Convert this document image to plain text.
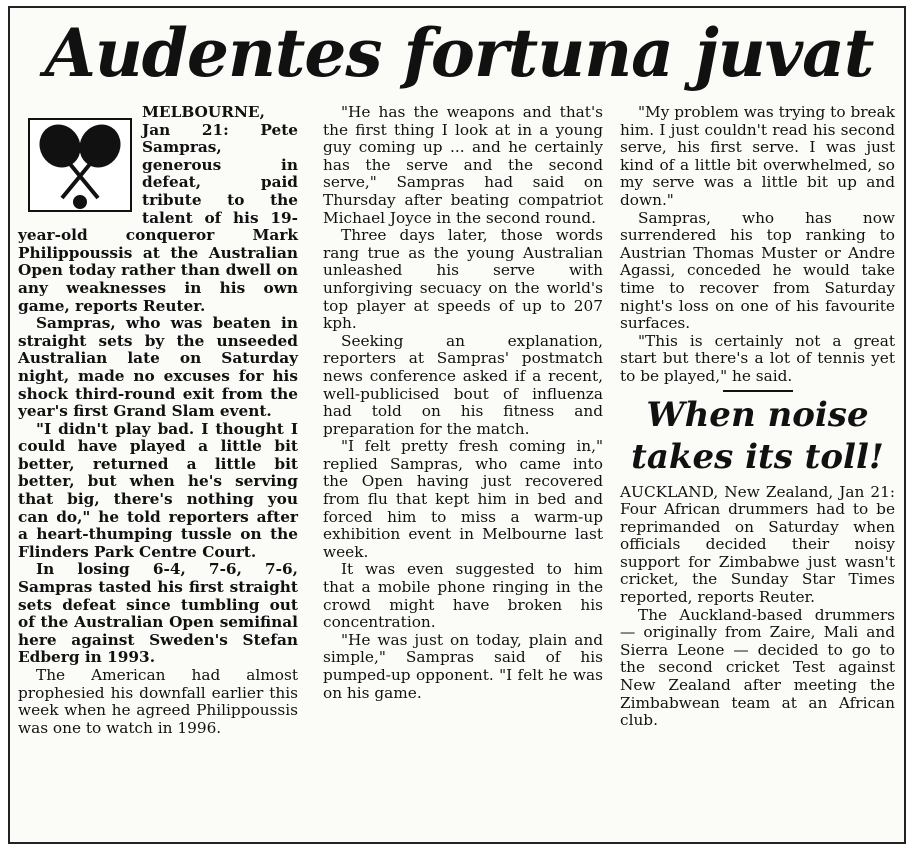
Audentes fortuna juvat

MELBOURNE, Jan 21: Pete Sampras, generous in defeat, paid tribute to the talent of his 19-year-old conqueror Mark Philippoussis at the Australian Open today rather than dwell on any weaknesses in his own game, reports Reuter.

Sampras, who was beaten in straight sets by the unseeded Australian late on Saturday night, made no excuses for his shock third-round exit from the year's first Grand Slam event.

"I didn't play bad. I thought I could have played a little bit better, returned a little bit better, but when he's serving that big, there's nothing you can do," he told reporters after a heart-thumping tussle on the Flinders Park Centre Court.

In losing 6-4, 7-6, 7-6, Sampras tasted his first straight sets defeat since tumbling out of the Australian Open semifinal here against Sweden's Stefan Edberg in 1993.

The American had almost prophesied his downfall earlier this week when he agreed Philippoussis was one to watch in 1996.

"He has the weapons and that's the first thing I look at in a young guy coming up ... and he certainly has the serve and the second serve," Sampras had said on Thursday after beating compatriot Michael Joyce in the second round.

Three days later, those words rang true as the young Australian unleashed his serve with unforgiving secuacy on the world's top player at speeds of up to 207 kph.

Seeking an explanation, reporters at Sampras' postmatch news conference asked if a recent, well-publicised bout of influenza had told on his fitness and preparation for the match.

"I felt pretty fresh coming in," replied Sampras, who came into the Open having just recovered from flu that kept him in bed and forced him to miss a warm-up exhibition event in Melbourne last week.

It was even suggested to him that a mobile phone ringing in the crowd might have broken his concentration.

"He was just on today, plain and simple," Sampras said of his pumped-up opponent. "I felt he was on his game.

"My problem was trying to break him. I just couldn't read his second serve, his first serve. I was just kind of a little bit overwhelmed, so my serve was a little bit up and down."

Sampras, who has now surrendered his top ranking to Austrian Thomas Muster or Andre Agassi, conceded he would take time to recover from Saturday night's loss on one of his favourite surfaces.

"This is certainly not a great start but there's a lot of tennis yet to be played," he said.

When noise takes its toll!

AUCKLAND, New Zealand, Jan 21: Four African drummers had to be reprimanded on Saturday when officials decided their noisy support for Zimbabwe just wasn't cricket, the Sunday Star Times reported, reports Reuter.

The Auckland-based drummers — originally from Zaire, Mali and Sierra Leone — decided to go to the second cricket Test against New Zealand after meeting the Zimbabwean team at an African club.
